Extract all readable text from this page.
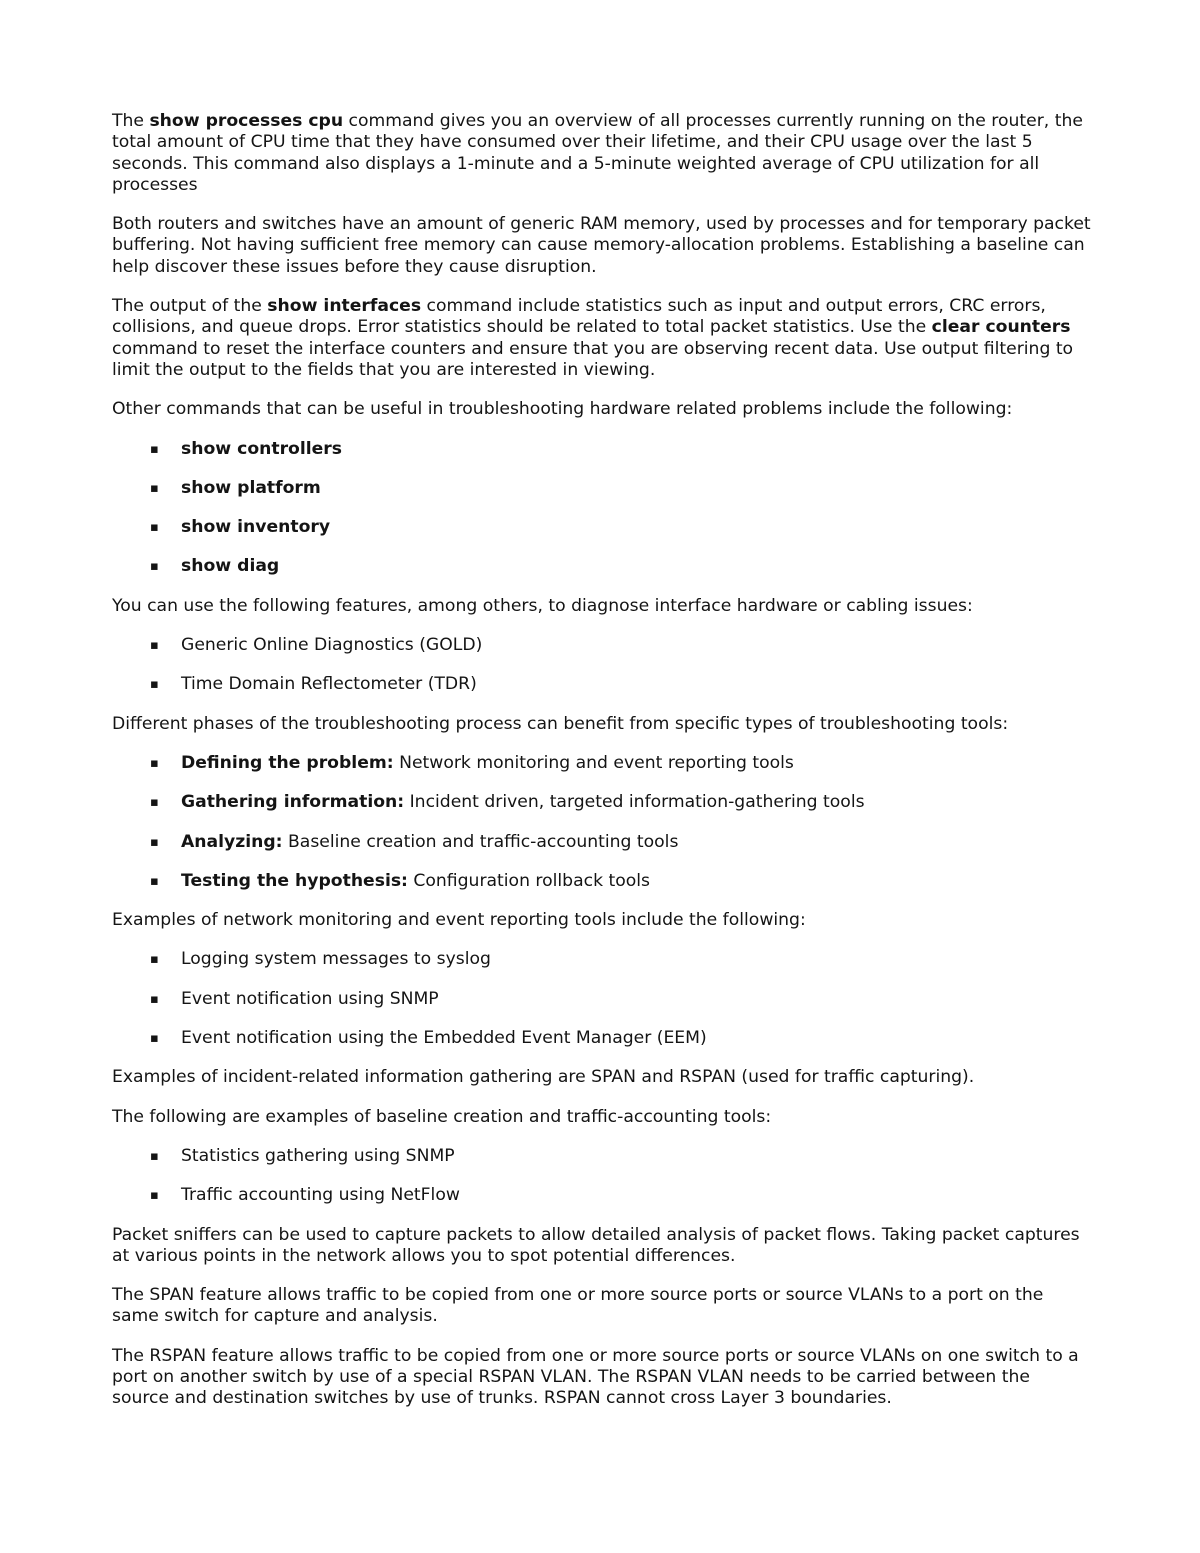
The show processes cpu command gives you an overview of all processes currently running on the router, the total amount of CPU time that they have consumed over their lifetime, and their CPU usage over the last 5 seconds. This command also displays a 1-minute and a 5-minute weighted average of CPU utilization for all processes

Both routers and switches have an amount of generic RAM memory, used by processes and for temporary packet buffering. Not having sufficient free memory can cause memory-allocation problems. Establishing a baseline can help discover these issues before they cause disruption.

The output of the show interfaces command include statistics such as input and output errors, CRC errors, collisions, and queue drops. Error statistics should be related to total packet statistics. Use the clear counters command to reset the interface counters and ensure that you are observing recent data. Use output filtering to limit the output to the fields that you are interested in viewing.

Other commands that can be useful in troubleshooting hardware related problems include the following:

▪ show controllers
▪ show platform
▪ show inventory
▪ show diag

You can use the following features, among others, to diagnose interface hardware or cabling issues:

▪ Generic Online Diagnostics (GOLD)
▪ Time Domain Reflectometer (TDR)

Different phases of the troubleshooting process can benefit from specific types of troubleshooting tools:

▪ Defining the problem: Network monitoring and event reporting tools
▪ Gathering information: Incident driven, targeted information-gathering tools
▪ Analyzing: Baseline creation and traffic-accounting tools
▪ Testing the hypothesis: Configuration rollback tools

Examples of network monitoring and event reporting tools include the following:

▪ Logging system messages to syslog
▪ Event notification using SNMP
▪ Event notification using the Embedded Event Manager (EEM)

Examples of incident-related information gathering are SPAN and RSPAN (used for traffic capturing).

The following are examples of baseline creation and traffic-accounting tools:

▪ Statistics gathering using SNMP
▪ Traffic accounting using NetFlow

Packet sniffers can be used to capture packets to allow detailed analysis of packet flows. Taking packet captures at various points in the network allows you to spot potential differences.

The SPAN feature allows traffic to be copied from one or more source ports or source VLANs to a port on the same switch for capture and analysis.

The RSPAN feature allows traffic to be copied from one or more source ports or source VLANs on one switch to a port on another switch by use of a special RSPAN VLAN. The RSPAN VLAN needs to be carried between the source and destination switches by use of trunks. RSPAN cannot cross Layer 3 boundaries.
